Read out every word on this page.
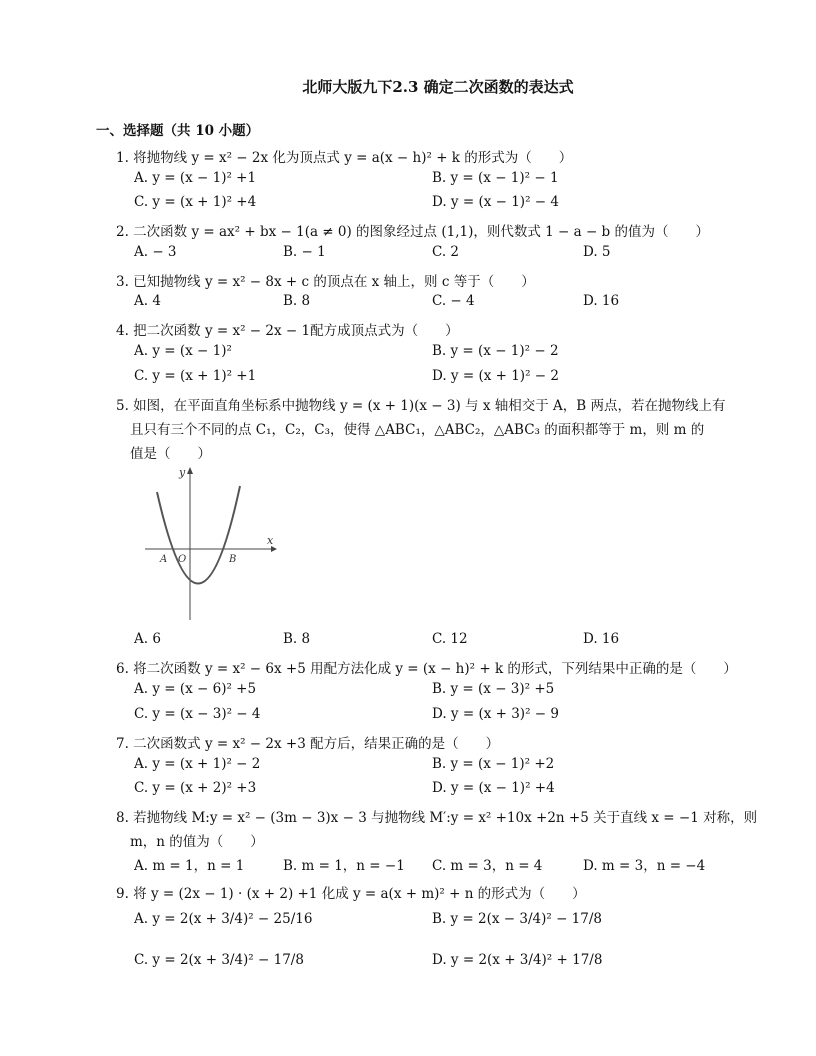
北师大版九下2.3 确定二次函数的表达式
一、选择题（共 10 小题）
1. 将抛物线 y = x² − 2x 化为顶点式 y = a(x − h)² + k 的形式为（　　）
A. y = (x − 1)² +1	B. y = (x − 1)² − 1
C. y = (x + 1)² +4	D. y = (x − 1)² − 4
2. 二次函数 y = ax² + bx − 1(a ≠ 0) 的图象经过点 (1,1)，则代数式 1 − a − b 的值为（　　）
A. − 3	B. − 1	C. 2	D. 5
3. 已知抛物线 y = x² − 8x + c 的顶点在 x 轴上，则 c 等于（　　）
A. 4	B. 8	C. − 4	D. 16
4. 把二次函数 y = x² − 2x − 1配方成顶点式为（　　）
A. y = (x − 1)²	B. y = (x − 1)² − 2
C. y = (x + 1)² +1	D. y = (x + 1)² − 2
5. 如图，在平面直角坐标系中抛物线 y = (x + 1)(x − 3) 与 x 轴相交于 A，B 两点，若在抛物线上有
且只有三个不同的点 C₁，C₂，C₃，使得 △ABC₁，△ABC₂，△ABC₃ 的面积都等于 m，则 m 的
值是（　　）
y
x
A O	B
A. 6	B. 8	C. 12	D. 16
6. 将二次函数 y = x² − 6x +5 用配方法化成 y = (x − h)² + k 的形式，下列结果中正确的是（　　）
A. y = (x − 6)² +5	B. y = (x − 3)² +5
C. y = (x − 3)² − 4	D. y = (x + 3)² − 9
7. 二次函数式 y = x² − 2x +3 配方后，结果正确的是（　　）
A. y = (x + 1)² − 2	B. y = (x − 1)² +2
C. y = (x + 2)² +3	D. y = (x − 1)² +4
8. 若抛物线 M:y = x² − (3m − 3)x − 3 与抛物线 M′:y = x² +10x +2n +5 关于直线 x = −1 对称，则
m，n 的值为（　　）
A. m = 1，n = 1	B. m = 1，n = −1 C. m = 3，n = 4	D. m = 3，n = −4
9. 将 y = (2x − 1) · (x + 2) +1 化成 y = a(x + m)² + n 的形式为（　　）
A. y = 2(x + 3/4)² − 25/16	B. y = 2(x − 3/4)² − 17/8
C. y = 2(x + 3/4)² − 17/8	D. y = 2(x + 3/4)² + 17/8
